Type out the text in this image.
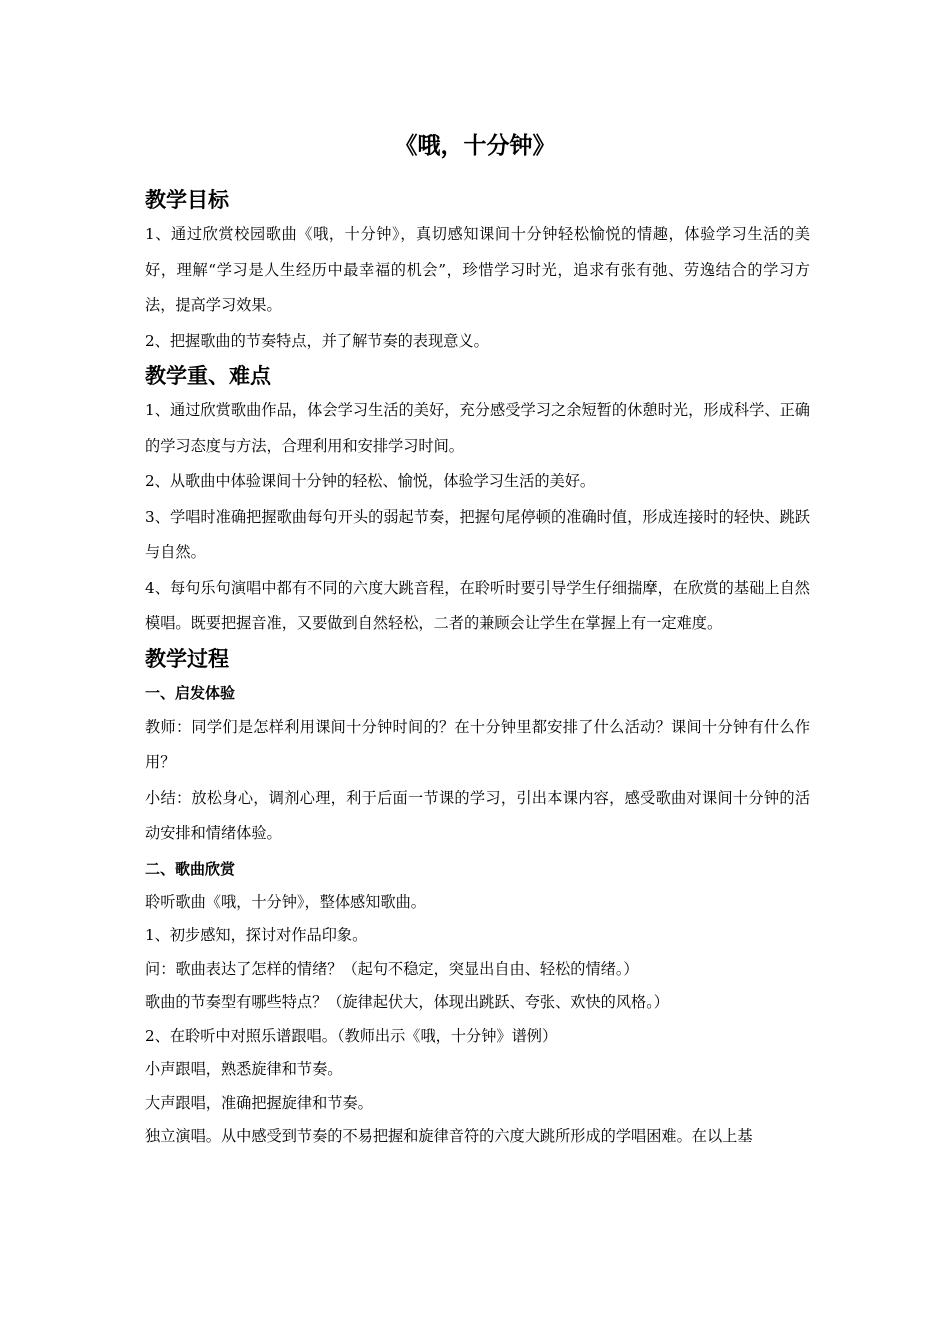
《哦，十分钟》
教学目标

1、通过欣赏校园歌曲《哦，十分钟》，真切感知课间十分钟轻松愉悦的情趣，体验学习生活的美好，理解“学习是人生经历中最幸福的机会”，珍惜学习时光，追求有张有弛、劳逸结合的学习方法，提高学习效果。

2、把握歌曲的节奏特点，并了解节奏的表现意义。

教学重、难点

1、通过欣赏歌曲作品，体会学习生活的美好，充分感受学习之余短暂的休憩时光，形成科学、正确的学习态度与方法，合理利用和安排学习时间。

2、从歌曲中体验课间十分钟的轻松、愉悦，体验学习生活的美好。

3、学唱时准确把握歌曲每句开头的弱起节奏，把握句尾停顿的准确时值，形成连接时的轻快、跳跃与自然。

4、每句乐句演唱中都有不同的六度大跳音程，在聆听时要引导学生仔细揣摩，在欣赏的基础上自然模唱。既要把握音准，又要做到自然轻松，二者的兼顾会让学生在掌握上有一定难度。

教学过程
一、启发体验

教师：同学们是怎样利用课间十分钟时间的？在十分钟里都安排了什么活动？课间十分钟有什么作用？

小结：放松身心，调剂心理，利于后面一节课的学习，引出本课内容，感受歌曲对课间十分钟的活动安排和情绪体验。

二、歌曲欣赏

聆听歌曲《哦，十分钟》，整体感知歌曲。

1、初步感知，探讨对作品印象。

问：歌曲表达了怎样的情绪？（起句不稳定，突显出自由、轻松的情绪。）

歌曲的节奏型有哪些特点？（旋律起伏大，体现出跳跃、夸张、欢快的风格。）

2、在聆听中对照乐谱跟唱。（教师出示《哦，十分钟》谱例）

小声跟唱，熟悉旋律和节奏。

大声跟唱，准确把握旋律和节奏。

独立演唱。从中感受到节奏的不易把握和旋律音符的六度大跳所形成的学唱困难。在以上基
